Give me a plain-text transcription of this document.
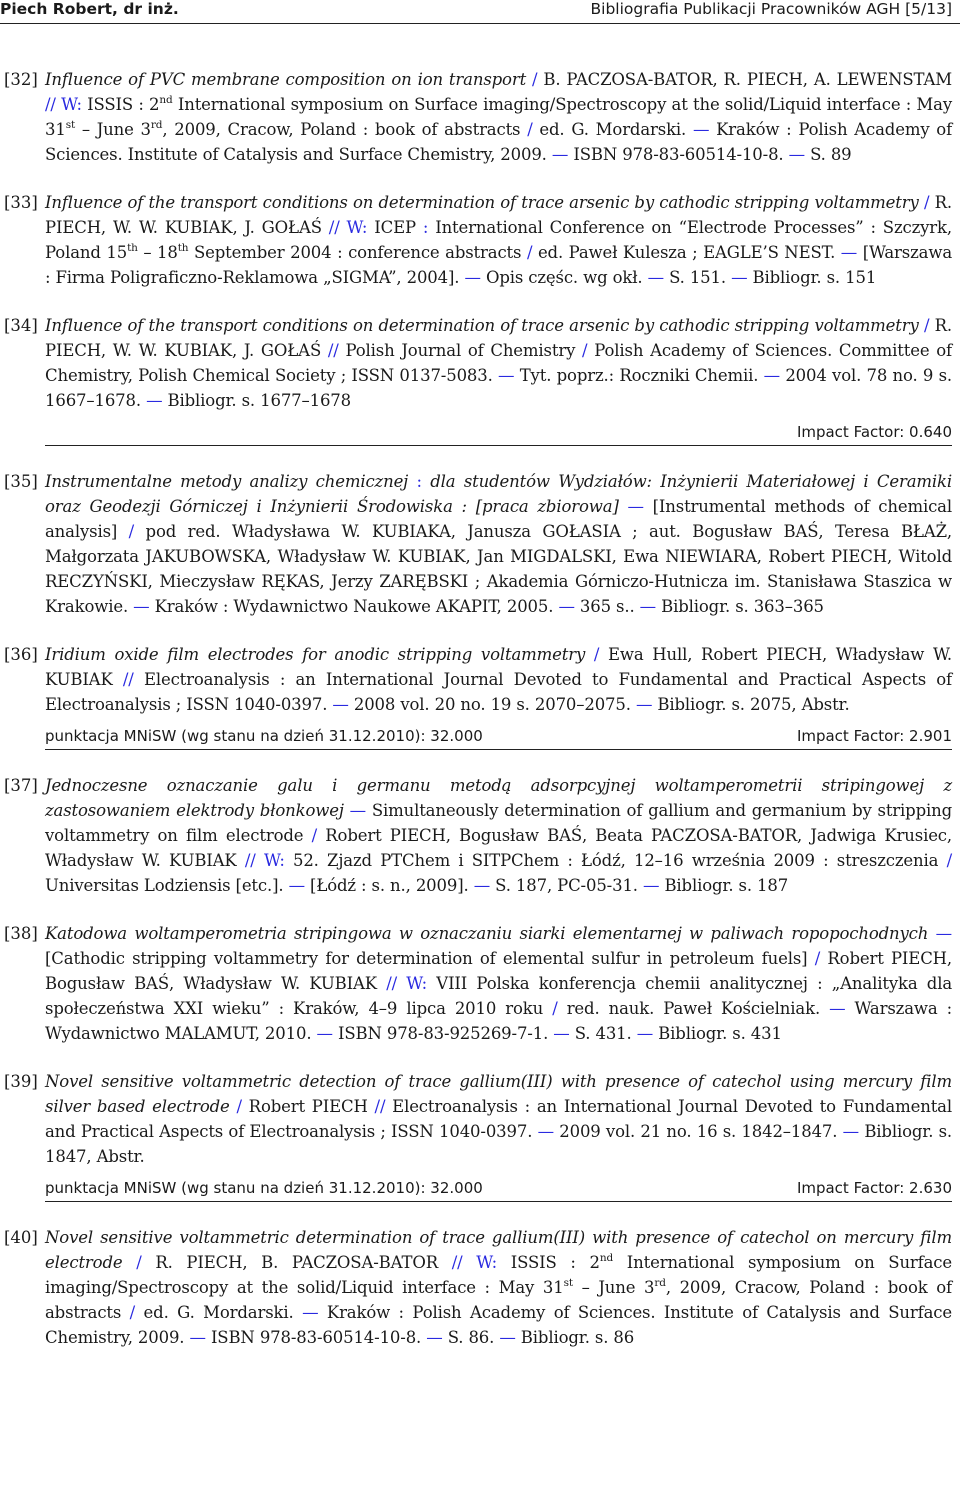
Piech Robert, dr inż.	Bibliografia Publikacji Pracowników AGH [5/13]
[32] Influence of PVC membrane composition on ion transport / B. PACZOSA-BATOR, R. PIECH, A. LEWENSTAM // W: ISSIS : 2nd International symposium on Surface imaging/Spectroscopy at the solid/Liquid interface : May 31st – June 3rd, 2009, Cracow, Poland : book of abstracts / ed. G. Mordarski. — Kraków : Polish Academy of Sciences. Institute of Catalysis and Surface Chemistry, 2009. — ISBN 978-83-60514-10-8. — S. 89
[33] Influence of the transport conditions on determination of trace arsenic by cathodic stripping voltammetry / R. PIECH, W. W. KUBIAK, J. GOŁAŚ // W: ICEP : International Conference on “Electrode Processes” : Szczyrk, Poland 15th – 18th September 2004 : conference abstracts / ed. Paweł Kulesza ; EAGLE’S NEST. — [Warszawa : Firma Poligraficzno-Reklamowa „SIGMA”, 2004]. — Opis częśc. wg okł. — S. 151. — Bibliogr. s. 151
[34] Influence of the transport conditions on determination of trace arsenic by cathodic stripping voltammetry / R. PIECH, W. W. KUBIAK, J. GOŁAŚ // Polish Journal of Chemistry / Polish Academy of Sciences. Committee of Chemistry, Polish Chemical Society ; ISSN 0137-5083. — Tyt. poprz.: Roczniki Chemii. — 2004 vol. 78 no. 9 s. 1667–1678. — Bibliogr. s. 1677–1678
Impact Factor: 0.640
[35] Instrumentalne metody analizy chemicznej : dla studentów Wydziałów: Inżynierii Materiałowej i Ceramiki oraz Geodezji Górniczej i Inżynierii Środowiska : [praca zbiorowa] — [Instrumental methods of chemical analysis] / pod red. Władysława W. KUBIAKA, Janusza GOŁASIA ; aut. Bogusław BAŚ, Teresa BŁAŻ, Małgorzata JAKUBOWSKA, Władysław W. KUBIAK, Jan MIGDALSKI, Ewa NIEWIARA, Robert PIECH, Witold RECZYŃSKI, Mieczysław RĘKAS, Jerzy ZARĘBSKI ; Akademia Górniczo-Hutnicza im. Stanisława Staszica w Krakowie. — Kraków : Wydawnictwo Naukowe AKAPIT, 2005. — 365 s.. — Bibliogr. s. 363–365
[36] Iridium oxide film electrodes for anodic stripping voltammetry / Ewa Hull, Robert PIECH, Władysław W. KUBIAK // Electroanalysis : an International Journal Devoted to Fundamental and Practical Aspects of Electroanalysis ; ISSN 1040-0397. — 2008 vol. 20 no. 19 s. 2070–2075. — Bibliogr. s. 2075, Abstr.
punktacja MNiSW (wg stanu na dzień 31.12.2010): 32.000	Impact Factor: 2.901
[37] Jednoczesne oznaczanie galu i germanu metodą adsorpcyjnej woltamperometrii stripingowej z zastosowaniem elektrody błonkowej — Simultaneously determination of gallium and germanium by stripping voltammetry on film electrode / Robert PIECH, Bogusław BAŚ, Beata PACZOSA-BATOR, Jadwiga Krusiec, Władysław W. KUBIAK // W: 52. Zjazd PTChem i SITPChem : Łódź, 12–16 września 2009 : streszczenia / Universitas Lodziensis [etc.]. — [Łódź : s. n., 2009]. — S. 187, PC-05-31. — Bibliogr. s. 187
[38] Katodowa woltamperometria stripingowa w oznaczaniu siarki elementarnej w paliwach ropopochodnych — [Cathodic stripping voltammetry for determination of elemental sulfur in petroleum fuels] / Robert PIECH, Bogusław BAŚ, Władysław W. KUBIAK // W: VIII Polska konferencja chemii analitycznej : „Analityka dla społeczeństwa XXI wieku” : Kraków, 4–9 lipca 2010 roku / red. nauk. Paweł Kościelniak. — Warszawa : Wydawnictwo MALAMUT, 2010. — ISBN 978-83-925269-7-1. — S. 431. — Bibliogr. s. 431
[39] Novel sensitive voltammetric detection of trace gallium(III) with presence of catechol using mercury film silver based electrode / Robert PIECH // Electroanalysis : an International Journal Devoted to Fundamental and Practical Aspects of Electroanalysis ; ISSN 1040-0397. — 2009 vol. 21 no. 16 s. 1842–1847. — Bibliogr. s. 1847, Abstr.
punktacja MNiSW (wg stanu na dzień 31.12.2010): 32.000	Impact Factor: 2.630
[40] Novel sensitive voltammetric determination of trace gallium(III) with presence of catechol on mercury film electrode / R. PIECH, B. PACZOSA-BATOR // W: ISSIS : 2nd International symposium on Surface imaging/Spectroscopy at the solid/Liquid interface : May 31st – June 3rd, 2009, Cracow, Poland : book of abstracts / ed. G. Mordarski. — Kraków : Polish Academy of Sciences. Institute of Catalysis and Surface Chemistry, 2009. — ISBN 978-83-60514-10-8. — S. 86. — Bibliogr. s. 86
